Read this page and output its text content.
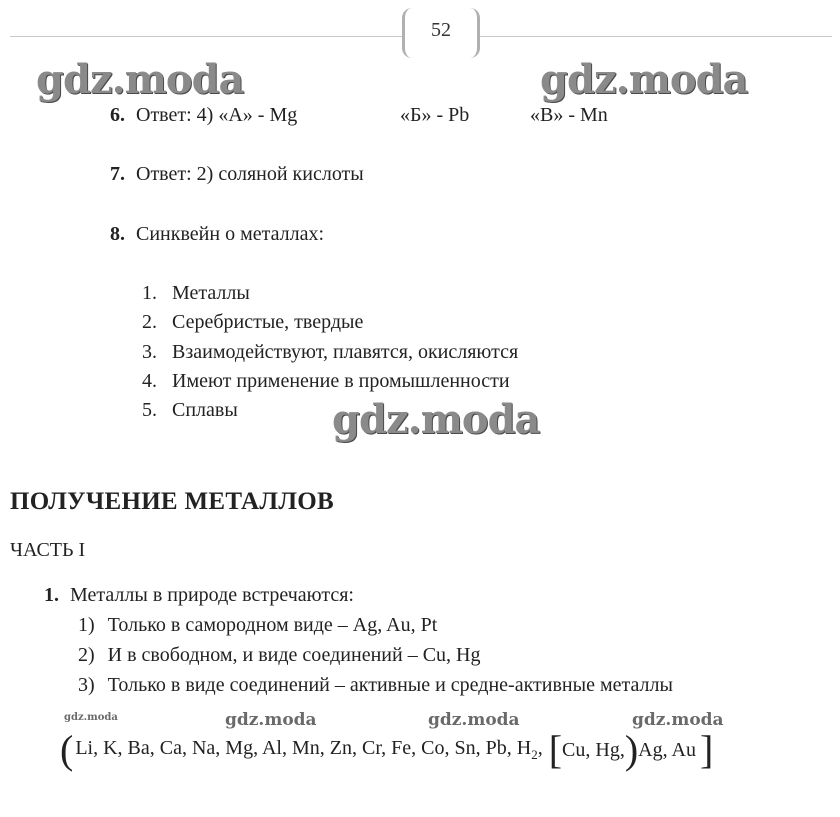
52
gdz.moda	gdz.moda
gdz.moda
gdz.moda	gdz.moda	gdz.moda	gdz.moda
6. Ответ: 4) «А» - Mg	«Б» - Pb	«В» - Mn
7. Ответ: 2) соляной кислоты
8. Синквейн о металлах:
1. Металлы
2. Серебристые, твердые
3. Взаимодействуют, плавятся, окисляются
4. Имеют применение в промышленности
5. Сплавы
ПОЛУЧЕНИЕ МЕТАЛЛОВ
ЧАСТЬ I
1. Металлы в природе встречаются:
1) Только в самородном виде – Ag, Au, Pt
2) И в свободном, и виде соединений – Cu, Hg
3) Только в виде соединений – активные и средне-активные металлы
( Li, K, Ba, Ca, Na, Mg, Al, Mn, Zn, Cr, Fe, Co, Sn, Pb, $H_2$, [ Cu, Hg, ) Ag, Au ]
